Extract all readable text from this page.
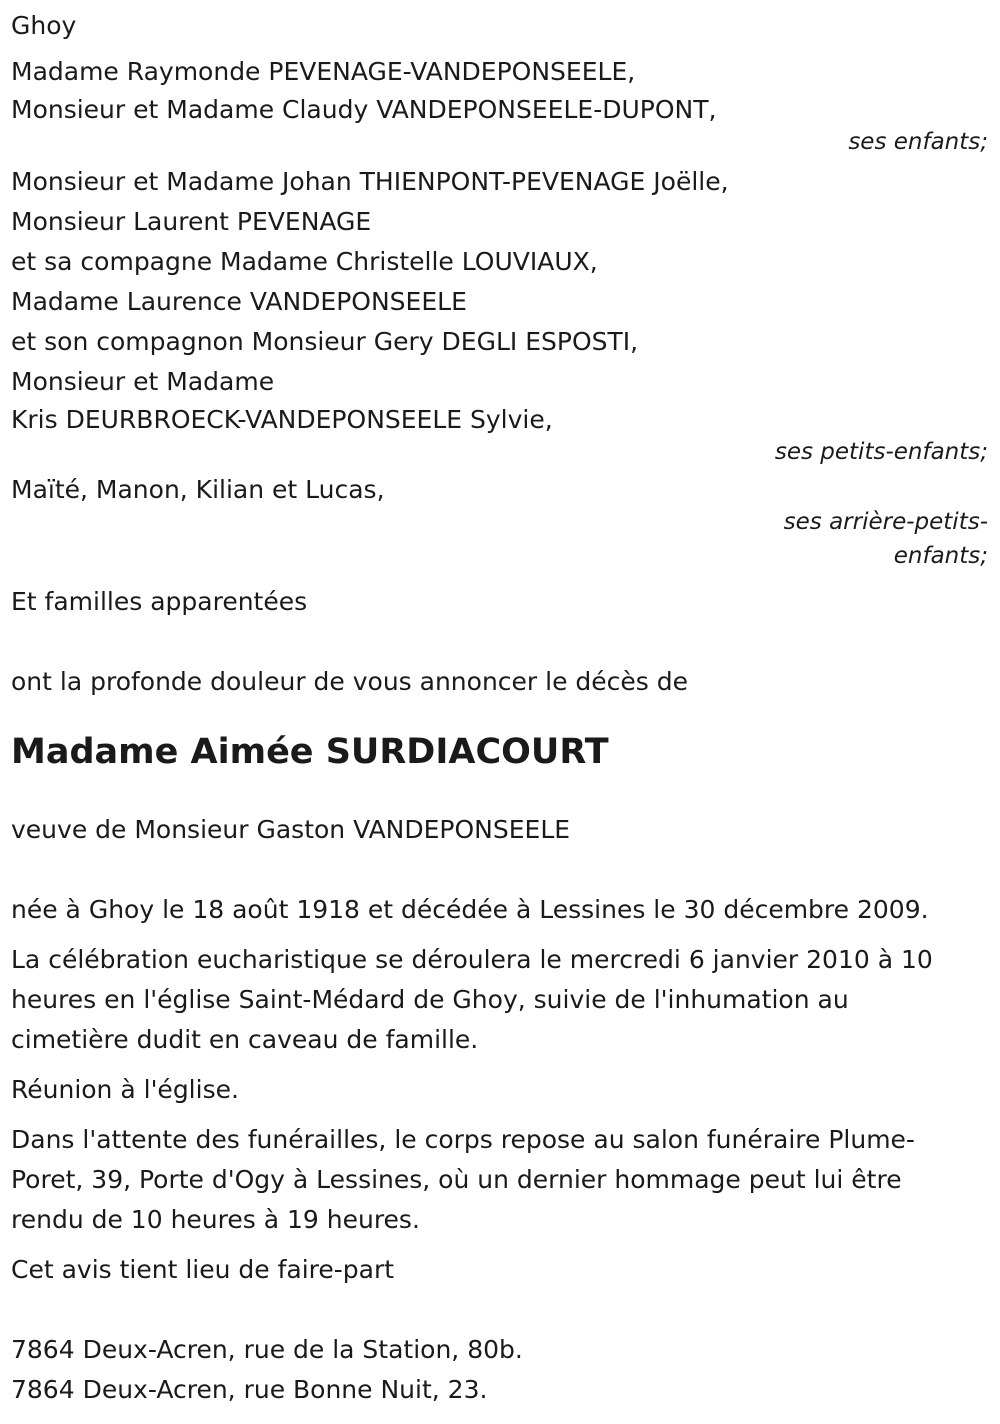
Ghoy
Madame Raymonde PEVENAGE-VANDEPONSEELE,
Monsieur et Madame Claudy VANDEPONSEELE-DUPONT,
ses enfants;
Monsieur et Madame Johan THIENPONT-PEVENAGE Joëlle,
Monsieur Laurent PEVENAGE
et sa compagne Madame Christelle LOUVIAUX,
Madame Laurence VANDEPONSEELE
et son compagnon Monsieur Gery DEGLI ESPOSTI,
Monsieur et Madame
Kris DEURBROECK-VANDEPONSEELE Sylvie,
ses petits-enfants;
Maïté, Manon, Kilian et Lucas,
ses arrière-petits-
enfants;
Et familles apparentées
ont la profonde douleur de vous annoncer le décès de
Madame Aimée SURDIACOURT
veuve de Monsieur Gaston VANDEPONSEELE
née à Ghoy le 18 août 1918 et décédée à Lessines le 30 décembre 2009.
La célébration eucharistique se déroulera le mercredi 6 janvier 2010 à 10
heures en l'église Saint-Médard de Ghoy, suivie de l'inhumation au
cimetière dudit en caveau de famille.
Réunion à l'église.
Dans l'attente des funérailles, le corps repose au salon funéraire Plume-
Poret, 39, Porte d'Ogy à Lessines, où un dernier hommage peut lui être
rendu de 10 heures à 19 heures.
Cet avis tient lieu de faire-part
7864 Deux-Acren, rue de la Station, 80b.
7864 Deux-Acren, rue Bonne Nuit, 23.
